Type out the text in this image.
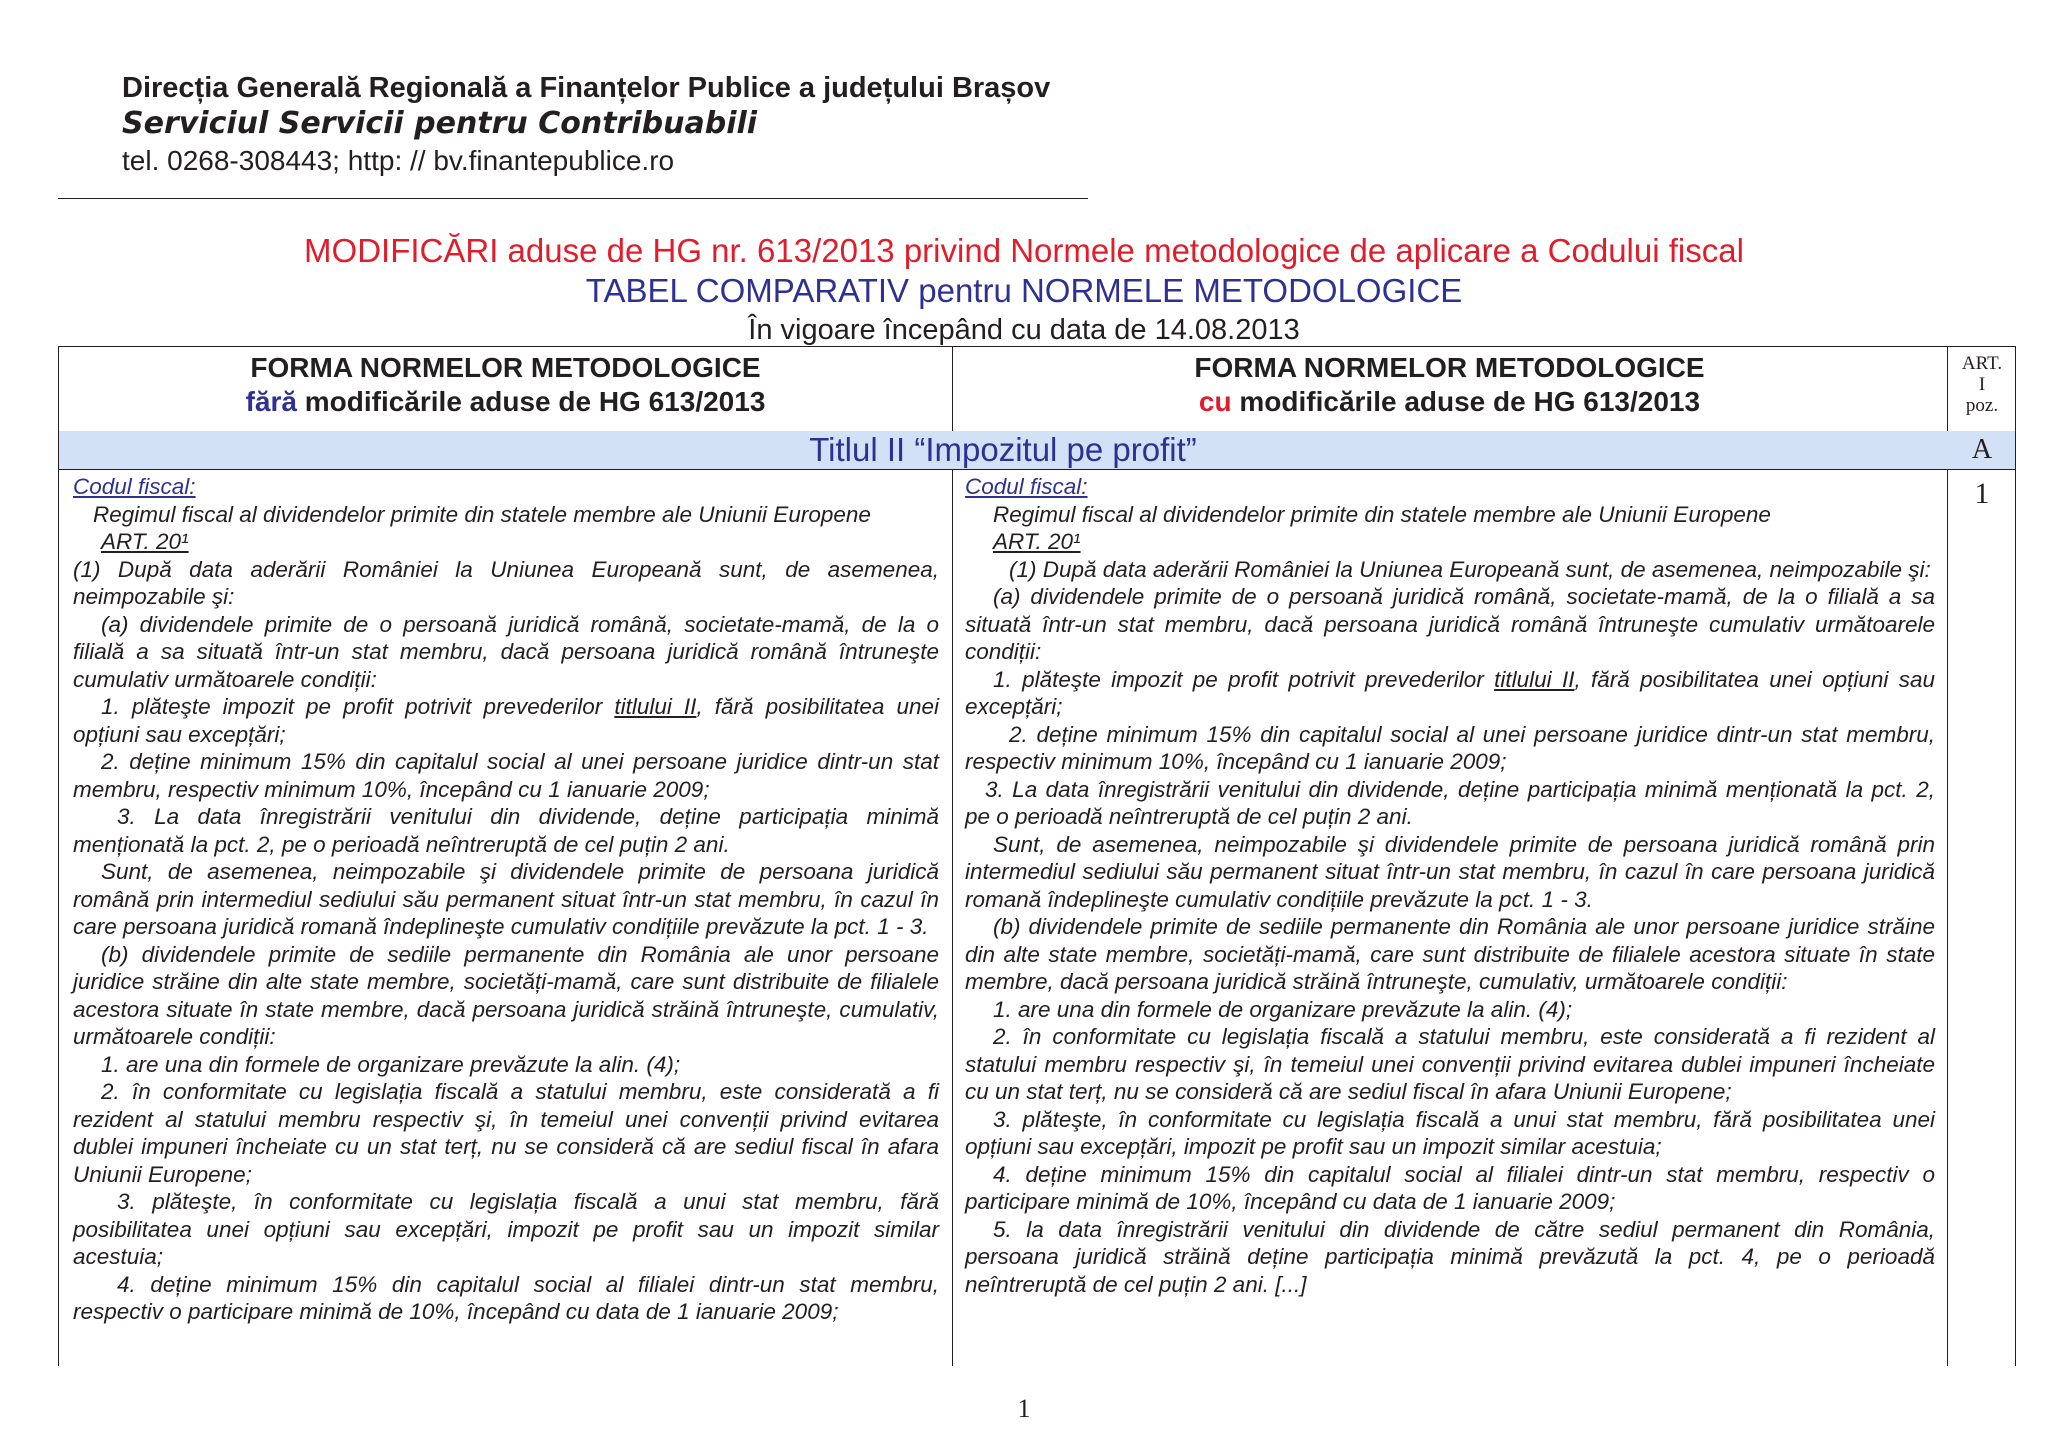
Direcția Generală Regională a Finanțelor Publice a județului Brașov
Serviciul Servicii pentru Contribuabili
tel. 0268-308443; http: // bv.finantepublice.ro
MODIFICĂRI aduse de HG nr. 613/2013 privind Normele metodologice de aplicare a Codului fiscal
TABEL COMPARATIV pentru NORMELE METODOLOGICE
În vigoare începând cu data de 14.08.2013
FORMA NORMELOR METODOLOGICE
fără modificările aduse de HG 613/2013
FORMA NORMELOR METODOLOGICE
cu modificările aduse de HG 613/2013
ART.
I
poz.
Titlul II “Impozitul pe profit”	A

Codul fiscal:

Regimul fiscal al dividendelor primite din statele membre ale Uniunii Europene

ART. 20¹

(1) După data aderării României la Uniunea Europeană sunt, de asemenea, neimpozabile şi:

(a) dividendele primite de o persoană juridică română, societate-mamă, de la o filială a sa situată într-un stat membru, dacă persoana juridică română întruneşte cumulativ următoarele condiții:

1. plăteşte impozit pe profit potrivit prevederilor titlului II, fără posibilitatea unei opțiuni sau excepțări;

2. deține minimum 15% din capitalul social al unei persoane juridice dintr-un stat membru, respectiv minimum 10%, începând cu 1 ianuarie 2009;

3. La data înregistrării venitului din dividende, deține participația minimă menționată la pct. 2, pe o perioadă neîntreruptă de cel puțin 2 ani.

Sunt, de asemenea, neimpozabile şi dividendele primite de persoana juridică română prin intermediul sediului său permanent situat într-un stat membru, în cazul în care persoana juridică romană îndeplineşte cumulativ condițiile prevăzute la pct. 1 - 3.

(b) dividendele primite de sediile permanente din România ale unor persoane juridice străine din alte state membre, societăți-mamă, care sunt distribuite de filialele acestora situate în state membre, dacă persoana juridică străină întruneşte, cumulativ, următoarele condiții:

1. are una din formele de organizare prevăzute la alin. (4);

2. în conformitate cu legislația fiscală a statului membru, este considerată a fi rezident al statului membru respectiv şi, în temeiul unei convenții privind evitarea dublei impuneri încheiate cu un stat terț, nu se consideră că are sediul fiscal în afara Uniunii Europene;

3. plăteşte, în conformitate cu legislația fiscală a unui stat membru, fără posibilitatea unei opțiuni sau excepțări, impozit pe profit sau un impozit similar acestuia;

4. deține minimum 15% din capitalul social al filialei dintr-un stat membru, respectiv o participare minimă de 10%, începând cu data de 1 ianuarie 2009;

Codul fiscal:

Regimul fiscal al dividendelor primite din statele membre ale Uniunii Europene

ART. 20¹

(1) După data aderării României la Uniunea Europeană sunt, de asemenea, neimpozabile şi:

(a) dividendele primite de o persoană juridică română, societate-mamă, de la o filială a sa situată într-un stat membru, dacă persoana juridică română întruneşte cumulativ următoarele condiții:

1. plăteşte impozit pe profit potrivit prevederilor titlului II, fără posibilitatea unei opțiuni sau excepțări;

2. deține minimum 15% din capitalul social al unei persoane juridice dintr-un stat membru, respectiv minimum 10%, începând cu 1 ianuarie 2009;

3. La data înregistrării venitului din dividende, deține participația minimă menționată la pct. 2, pe o perioadă neîntreruptă de cel puțin 2 ani.

Sunt, de asemenea, neimpozabile şi dividendele primite de persoana juridică română prin intermediul sediului său permanent situat într-un stat membru, în cazul în care persoana juridică romană îndeplineşte cumulativ condițiile prevăzute la pct. 1 - 3.

(b) dividendele primite de sediile permanente din România ale unor persoane juridice străine din alte state membre, societăți-mamă, care sunt distribuite de filialele acestora situate în state membre, dacă persoana juridică străină întruneşte, cumulativ, următoarele condiții:

1. are una din formele de organizare prevăzute la alin. (4);

2. în conformitate cu legislația fiscală a statului membru, este considerată a fi rezident al statului membru respectiv şi, în temeiul unei convenții privind evitarea dublei impuneri încheiate cu un stat terț, nu se consideră că are sediul fiscal în afara Uniunii Europene;

3. plăteşte, în conformitate cu legislația fiscală a unui stat membru, fără posibilitatea unei opțiuni sau excepțări, impozit pe profit sau un impozit similar acestuia;

4. deține minimum 15% din capitalul social al filialei dintr-un stat membru, respectiv o participare minimă de 10%, începând cu data de 1 ianuarie 2009;

5. la data înregistrării venitului din dividende de către sediul permanent din România, persoana juridică străină deține participația minimă prevăzută la pct. 4, pe o perioadă neîntreruptă de cel puțin 2 ani. [...]

1
1
